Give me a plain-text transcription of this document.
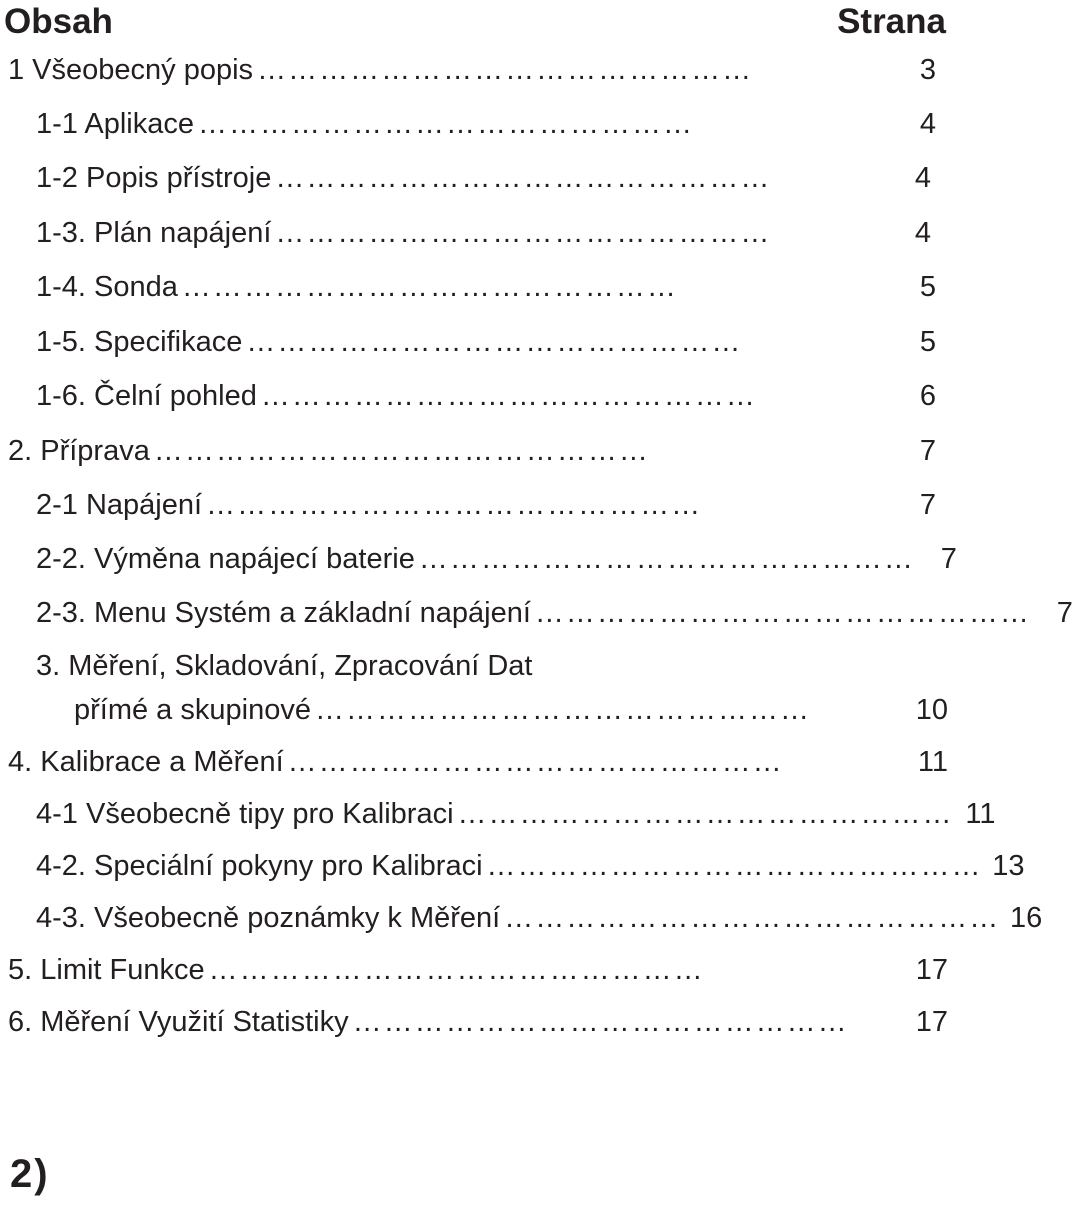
Obsah	Strana
1 Všeobecný popis …………………………………………	3
1-1 Aplikace …………………………………………	4
1-2 Popis přístroje …………………………………………	4
1-3. Plán napájení …………………………………………	4
1-4. Sonda …………………………………………	5
1-5. Specifikace …………………………………………	5
1-6. Čelní pohled …………………………………………	6
2. Příprava …………………………………………	7
2-1 Napájení …………………………………………	7
2-2. Výměna napájecí baterie ………………………………………… 7
2-3. Menu Systém a základní napájení ………………………………………… 7
3. Měření, Skladování, Zpracování Dat
přímé a skupinové …………………………………………	10
4. Kalibrace a Měření …………………………………………	11
4-1 Všeobecně tipy pro Kalibraci ………………………………………… 11
4-2. Speciální pokyny pro Kalibraci ………………………………………… 13
4-3. Všeobecně poznámky k Měření ………………………………………… 16
5. Limit Funkce …………………………………………	17
6. Měření Využití Statistiky …………………………………………	17
2)
